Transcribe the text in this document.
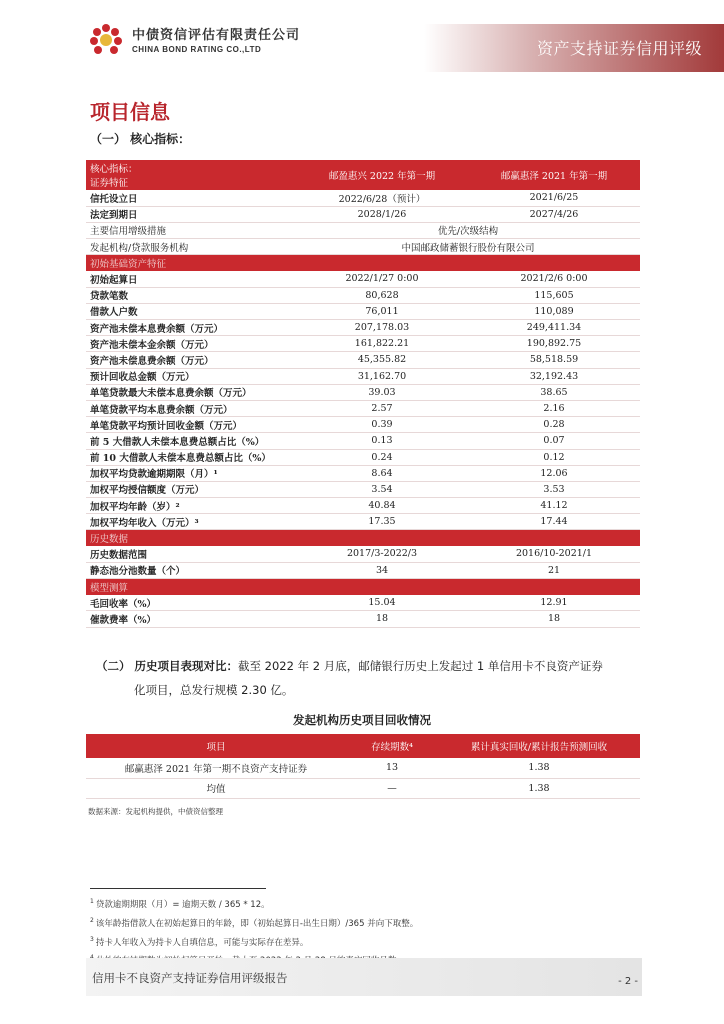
中债资信评估有限责任公司
CHINA BOND RATING CO.,LTD	资产支持证券信用评级
项目信息
（一） 核心指标：
核心指标：
证券特征	邮盈惠兴 2022 年第一期	邮赢惠泽 2021 年第一期
信托设立日	2022/6/28（预计）	2021/6/25
法定到期日	2028/1/26	2027/4/26
主要信用增级措施	优先/次级结构	
发起机构/贷款服务机构	中国邮政储蓄银行股份有限公司	
初始基础资产特征		
初始起算日	2022/1/27 0:00	2021/2/6 0:00
贷款笔数	80,628	115,605
借款人户数	76,011	110,089
资产池未偿本息费余额（万元）	207,178.03	249,411.34
资产池未偿本金余额（万元）	161,822.21	190,892.75
资产池未偿息费余额（万元）	45,355.82	58,518.59
预计回收总金额（万元）	31,162.70	32,192.43
单笔贷款最大未偿本息费余额（万元）	39.03	38.65
单笔贷款平均本息费余额（万元）	2.57	2.16
单笔贷款平均预计回收金额（万元）	0.39	0.28
前 5 大借款人未偿本息费总额占比（%）	0.13	0.07
前 10 大借款人未偿本息费总额占比（%）	0.24	0.12
加权平均贷款逾期期限（月）¹	8.64	12.06
加权平均授信额度（万元）	3.54	3.53
加权平均年龄（岁）²	40.84	41.12
加权平均年收入（万元）³	17.35	17.44
历史数据		
历史数据范围	2017/3-2022/3	2016/10-2021/1
静态池分池数量（个）	34	21
模型测算		
毛回收率（%）	15.04	12.91
催款费率（%）	18	18
（二） 历史项目表现对比：截至 2022 年 2 月底，邮储银行历史上发起过 1 单信用卡不良资产证券
化项目，总发行规模 2.30 亿。
发起机构历史项目回收情况
项目	存续期数⁴	累计真实回收/累计报告预测回收
邮赢惠泽 2021 年第一期不良资产支持证券	13	1.38
均值	—	1.38
数据来源：发起机构提供，中债资信整理
$^1$ 贷款逾期期限（月）= 逾期天数 / 365 * 12。
$^2$ 该年龄指借款人在初始起算日的年龄，即（初始起算日-出生日期）/365 并向下取整。
$^3$ 持卡人年收入为持卡人自填信息，可能与实际存在差异。
信用卡不良资产支持证券信用评级报告	- 2 -
